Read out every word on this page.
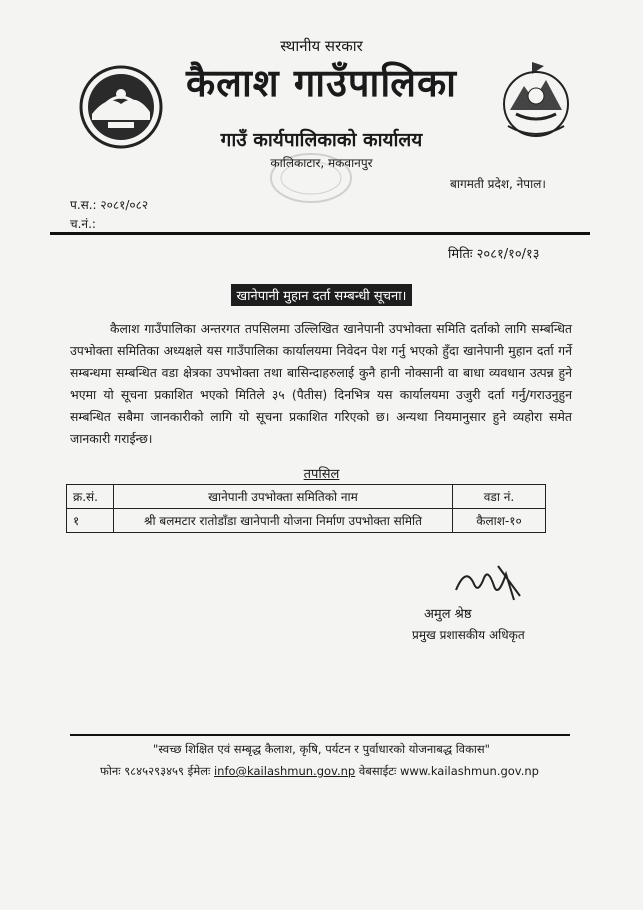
स्थानीय सरकार
कैलाश गाउँपालिका
गाउँ कार्यपालिकाको कार्यालय
कालिकाटार, मकवानपुर
बागमती प्रदेश, नेपाल।
प.स.: २०८१/०८२
च.नं.:
मितिः २०८१/१०/१३
खानेपानी मुहान दर्ता सम्बन्धी सूचना।
कैलाश गाउँपालिका अन्तरगत तपसिलमा उल्लिखित खानेपानी उपभोक्ता समिति दर्ताको लागि सम्बन्धित उपभोक्ता समितिका अध्यक्षले यस गाउँपालिका कार्यालयमा निवेदन पेश गर्नु भएको हुँदा खानेपानी मुहान दर्ता गर्ने सम्बन्धमा सम्बन्धित वडा क्षेत्रका उपभोक्ता तथा बासिन्दाहरुलाई कुनै हानी नोक्सानी वा बाधा व्यवधान उत्पन्न हुने भएमा यो सूचना प्रकाशित भएको मितिले ३५ (पैतीस) दिनभित्र यस कार्यालयमा उजुरी दर्ता गर्नु/गराउनुहुन सम्बन्धित सबैमा जानकारीको लागि यो सूचना प्रकाशित गरिएको छ। अन्यथा नियमानुसार हुने व्यहोरा समेत जानकारी गराईन्छ।
तपसिल
क्र.सं.	खानेपानी उपभोक्ता समितिको नाम	वडा नं.
१	श्री बलमटार रातोडाँडा खानेपानी योजना निर्माण उपभोक्ता समिति	कैलाश-१०
अमुल श्रेष्ठ
प्रमुख प्रशासकीय अधिकृत
"स्वच्छ शिक्षित एवं सम्बृद्ध कैलाश, कृषि, पर्यटन र पुर्वाधारको योजनाबद्ध विकास"
फोनः ९८४५२९३४५९ ईमेलः info@kailashmun.gov.np वेबसाईटः www.kailashmun.gov.np
